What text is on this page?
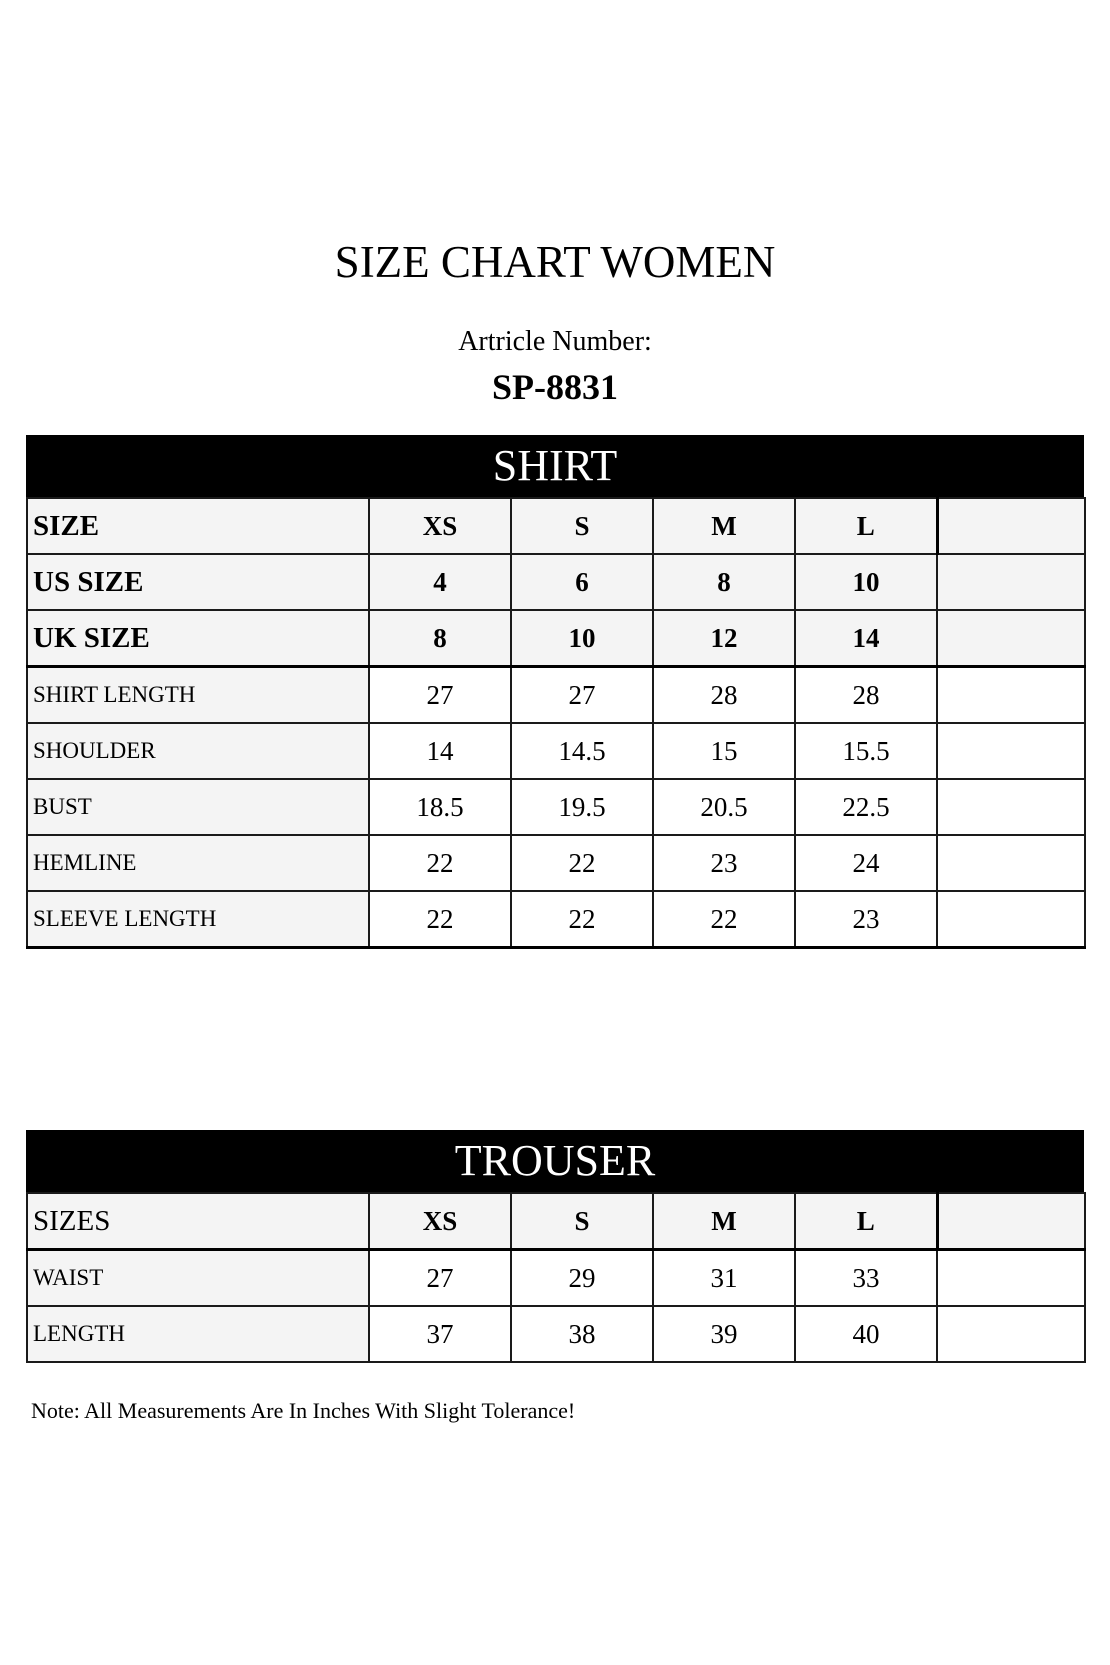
SIZE CHART WOMEN
Artricle Number:
SP-8831
SHIRT
SIZE	XS	S	M	L	
US SIZE	4	6	8	10	
UK SIZE	8	10	12	14	
SHIRT LENGTH	27	27	28	28	
SHOULDER	14	14.5	15	15.5	
BUST	18.5	19.5	20.5	22.5	
HEMLINE	22	22	23	24	
SLEEVE LENGTH	22	22	22	23	
TROUSER
SIZES	XS	S	M	L	
WAIST	27	29	31	33	
LENGTH	37	38	39	40	
Note: All Measurements Are In Inches With Slight Tolerance!
